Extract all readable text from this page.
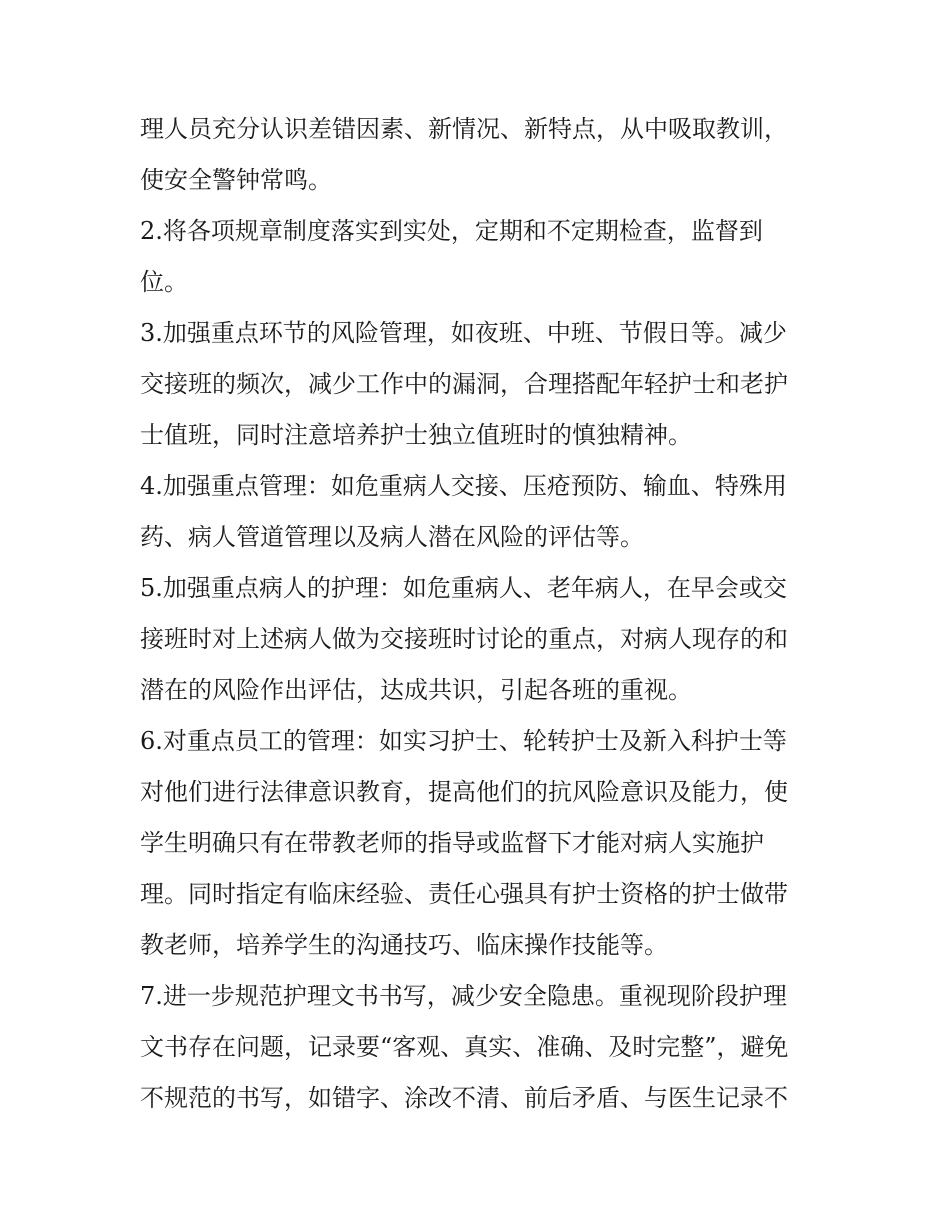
理人员充分认识差错因素、新情况、新特点，从中吸取教训，
使安全警钟常鸣。
2.将各项规章制度落实到实处，定期和不定期检查，监督到
位。
3.加强重点环节的风险管理，如夜班、中班、节假日等。减少
交接班的频次，减少工作中的漏洞，合理搭配年轻护士和老护
士值班，同时注意培养护士独立值班时的慎独精神。
4.加强重点管理：如危重病人交接、压疮预防、输血、特殊用
药、病人管道管理以及病人潜在风险的评估等。
5.加强重点病人的护理：如危重病人、老年病人，在早会或交
接班时对上述病人做为交接班时讨论的重点，对病人现存的和
潜在的风险作出评估，达成共识，引起各班的重视。
6.对重点员工的管理：如实习护士、轮转护士及新入科护士等
对他们进行法律意识教育，提高他们的抗风险意识及能力，使
学生明确只有在带教老师的指导或监督下才能对病人实施护
理。同时指定有临床经验、责任心强具有护士资格的护士做带
教老师，培养学生的沟通技巧、临床操作技能等。
7.进一步规范护理文书书写，减少安全隐患。重视现阶段护理
文书存在问题，记录要“客观、真实、准确、及时完整”，避免
不规范的书写，如错字、涂改不清、前后矛盾、与医生记录不
